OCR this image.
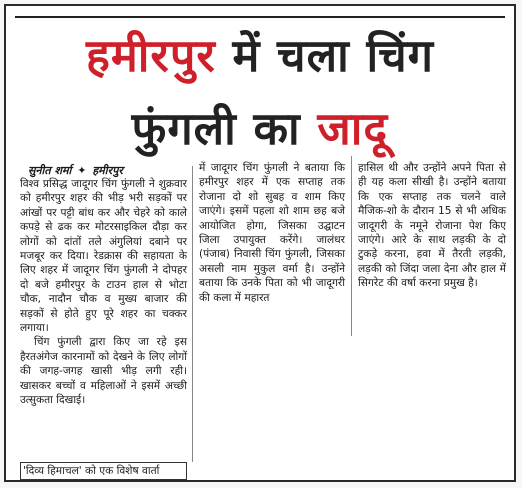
हमीरपुर में चला चिंग
फुंगली का जादू
सुनीत शर्मा ✦ हमीरपुर

विश्व प्रसिद्ध जादूगर चिंग फुंगली ने शुक्रवार को हमीरपुर शहर की भीड़ भरी सड़कों पर आंखों पर पट्टी बांध कर और चेहरे को काले कपड़े से ढक कर मोटरसाइकिल दौड़ा कर लोगों को दांतों तले अंगुलियां दबाने पर मजबूर कर दिया। रेडक्रास की सहायता के लिए शहर में जादूगर चिंग फुंगली ने दोपहर दो बजे हमीरपुर के टाउन हाल से भोटा चौक, नादौन चौक व मुख्य बाजार की सड़कों से होते हुए पूरे शहर का चक्कर लगाया।

चिंग फुंगली द्वारा किए जा रहे इस हैरतअंगेज कारनामों को देखने के लिए लोगों की जगह-जगह खासी भीड़ लगी रही। खासकर बच्चों व महिलाओं ने इसमें अच्छी उत्सुकता दिखाई।

'दिव्य हिमाचल' को एक विशेष वार्ता

में जादूगर चिंग फुंगली ने बताया कि हमीरपुर शहर में एक सप्ताह तक रोजाना दो शो सुबह व शाम किए जाएंगे। इसमें पहला शो शाम छह बजे आयोजित होगा, जिसका उद्घाटन जिला उपायुक्त करेंगे। जालंधर (पंजाब) निवासी चिंग फुंगली, जिसका असली नाम मुकुल वर्मा है। उन्होंने बताया कि उनके पिता को भी जादूगरी की कला में महारत

हासिल थी और उन्होंने अपने पिता से ही यह कला सीखी है। उन्होंने बताया कि एक सप्ताह तक चलने वाले मैजिक-शो के दौरान 15 से भी अधिक जादूगरी के नमूने रोजाना पेश किए जाएंगे। आरे के साथ लड़की के दो टुकड़े करना, हवा में तैरती लड़की, लड़की को जिंदा जला देना और हाल में सिगरेट की वर्षा करना प्रमुख है।
